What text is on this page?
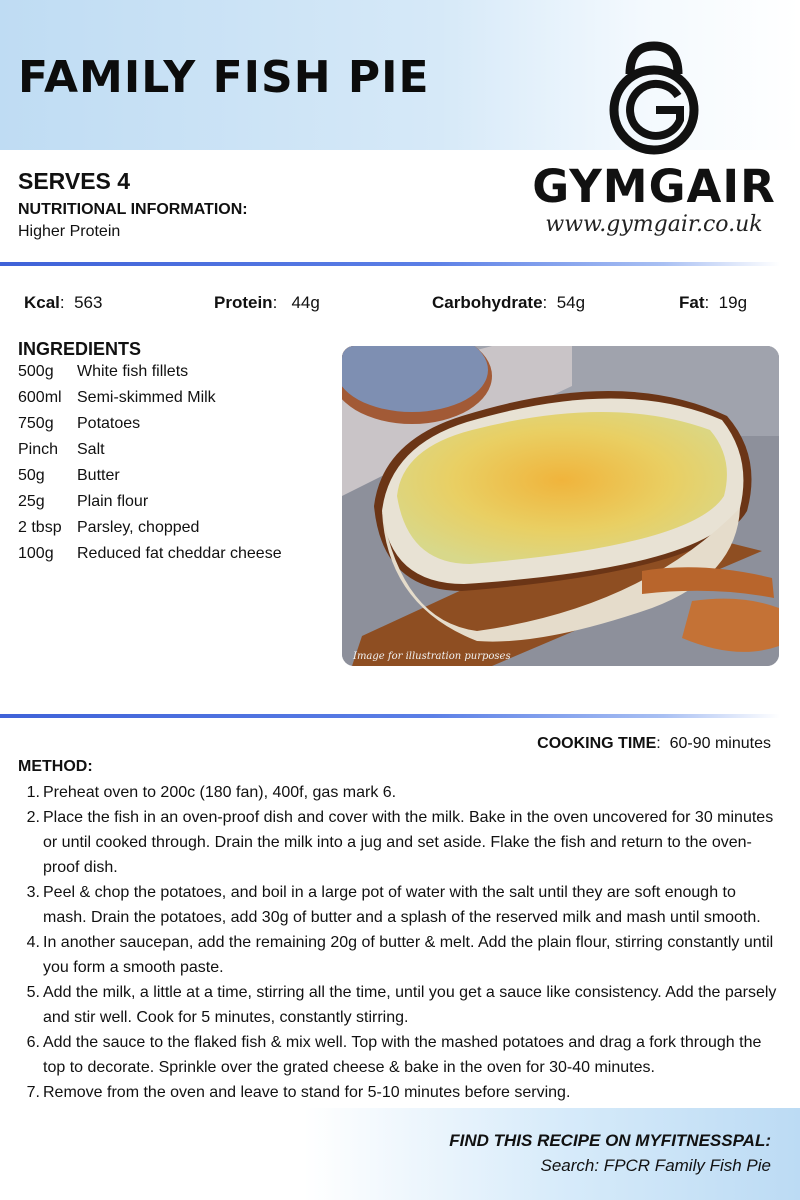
FAMILY FISH PIE
GYMGAIR
www.gymgair.co.uk
SERVES 4
NUTRITIONAL INFORMATION:
Higher Protein
Kcal:  563	Protein:   44g	Carbohydrate:  54g	Fat:  19g
INGREDIENTS
500g White fish fillets
600ml Semi-skimmed Milk
750g Potatoes
Pinch Salt
50g Butter
25g Plain flour
2 tbsp Parsley, chopped
100g Reduced fat cheddar cheese
Image for illustration purposes
COOKING TIME:  60-90 minutes
METHOD:
1. Preheat oven to 200c (180 fan), 400f, gas mark 6.
2. Place the fish in an oven-proof dish and cover with the milk. Bake in the oven uncovered for 30 minutes or until cooked through. Drain the milk into a jug and set aside. Flake the fish and return to the oven-proof dish.
3. Peel & chop the potatoes, and boil in a large pot of water with the salt until they are soft enough to mash. Drain the potatoes, add 30g of butter and a splash of the reserved milk and mash until smooth.
4. In another saucepan, add the remaining 20g of butter & melt. Add the plain flour, stirring constantly until you form a smooth paste.
5. Add the milk, a little at a time, stirring all the time, until you get a sauce like consistency. Add the parsely and stir well. Cook for 5 minutes, constantly stirring.
6. Add the sauce to the flaked fish & mix well. Top with the mashed potatoes and drag a fork through the top to decorate. Sprinkle over the grated cheese & bake in the oven for 30-40 minutes.
7. Remove from the oven and leave to stand for 5-10 minutes before serving.
FIND THIS RECIPE ON MYFITNESSPAL:
Search: FPCR Family Fish Pie
